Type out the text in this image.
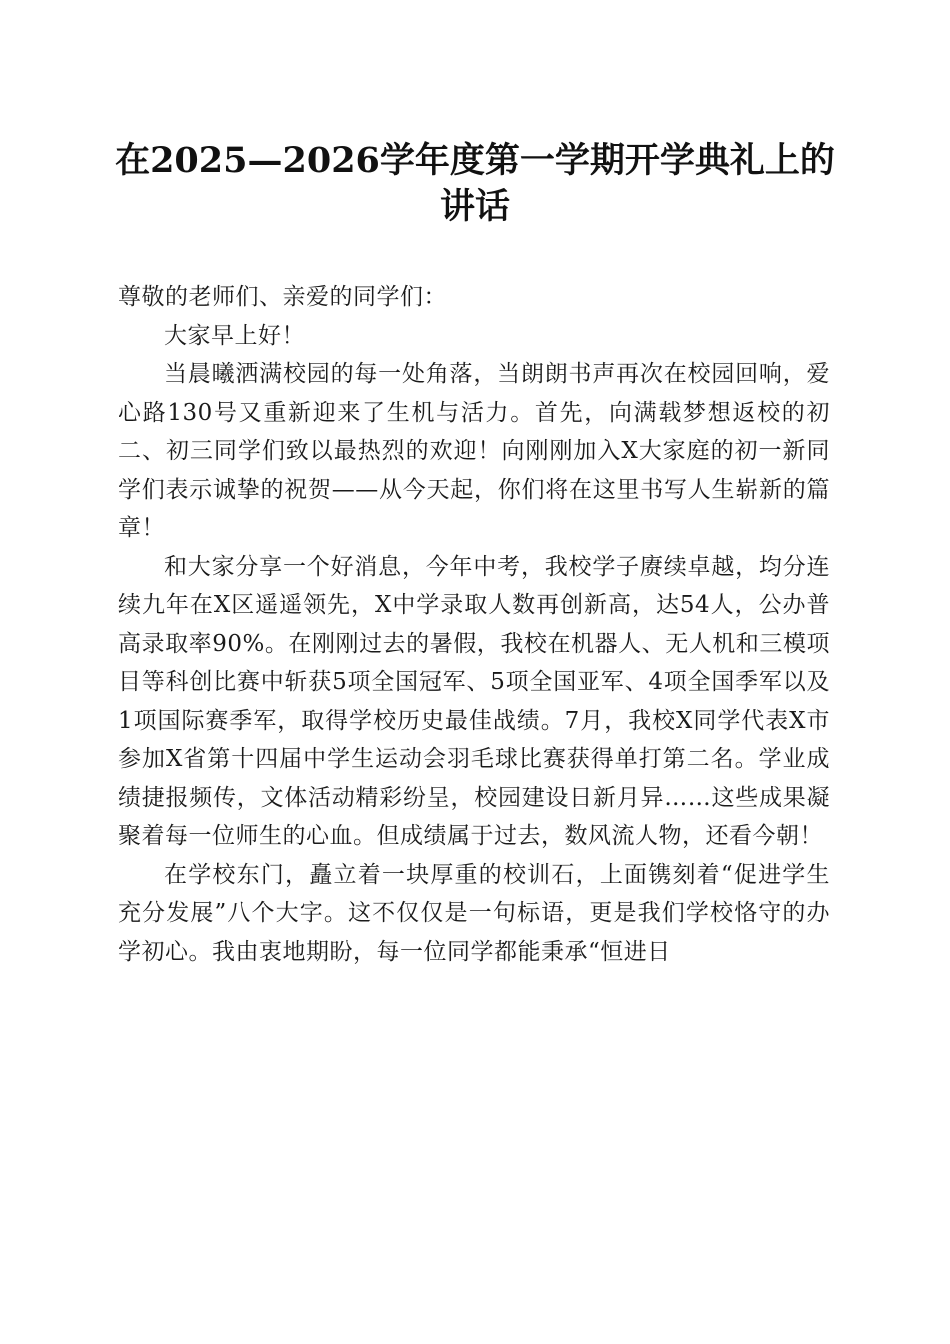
在2025—2026学年度第一学期开学典礼上的讲话

尊敬的老师们、亲爱的同学们：

大家早上好！

当晨曦洒满校园的每一处角落，当朗朗书声再次在校园回响，爱心路130号又重新迎来了生机与活力。首先，向满载梦想返校的初二、初三同学们致以最热烈的欢迎！向刚刚加入X大家庭的初一新同学们表示诚挚的祝贺——从今天起，你们将在这里书写人生崭新的篇章！

和大家分享一个好消息，今年中考，我校学子赓续卓越，均分连续九年在X区遥遥领先，X中学录取人数再创新高，达54人，公办普高录取率90%。在刚刚过去的暑假，我校在机器人、无人机和三模项目等科创比赛中斩获5项全国冠军、5项全国亚军、4项全国季军以及1项国际赛季军，取得学校历史最佳战绩。7月，我校X同学代表X市参加X省第十四届中学生运动会羽毛球比赛获得单打第二名。学业成绩捷报频传，文体活动精彩纷呈，校园建设日新月异……这些成果凝聚着每一位师生的心血。但成绩属于过去，数风流人物，还看今朝！

在学校东门，矗立着一块厚重的校训石，上面镌刻着“促进学生充分发展”八个大字。这不仅仅是一句标语，更是我们学校恪守的办学初心。我由衷地期盼，每一位同学都能秉承“恒进日
